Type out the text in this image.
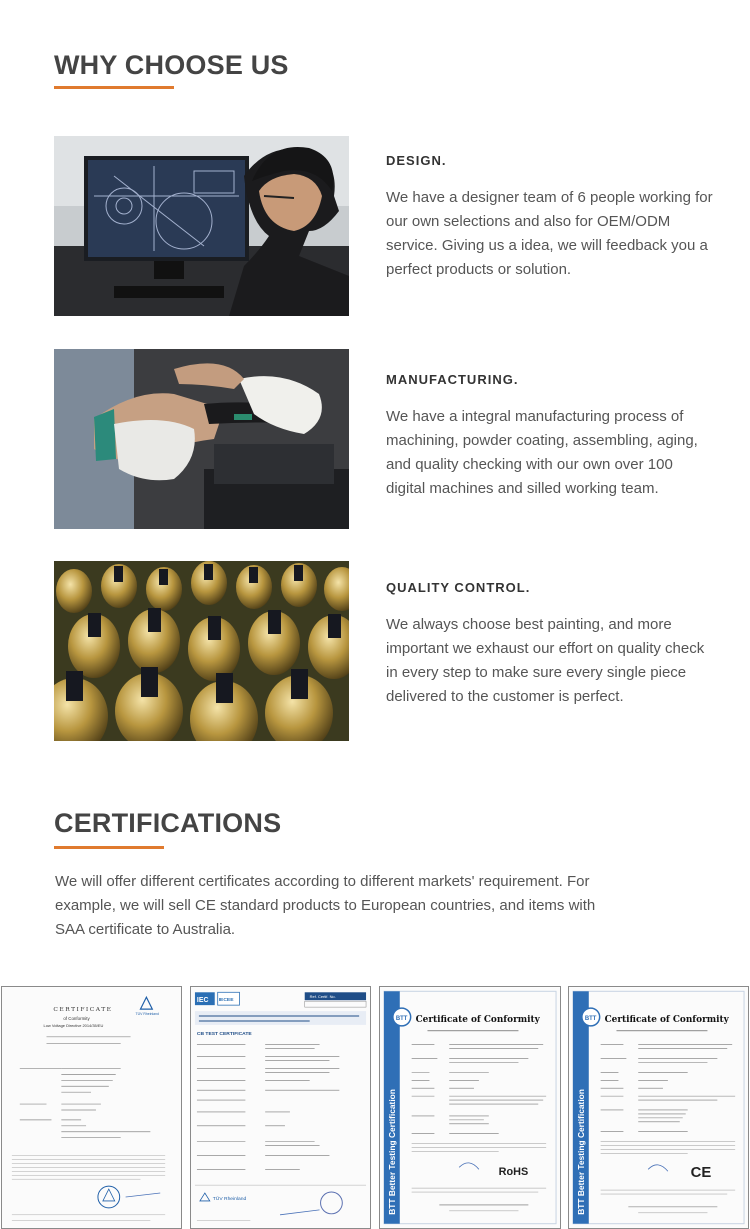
WHY CHOOSE US
DESIGN.

We have a designer team of 6 people working for our own selections and also for OEM/ODM service. Giving us a idea, we will feedback you a perfect products or solution.

MANUFACTURING.

We have a integral manufacturing process of machining, powder coating, assembling, aging, and quality checking with our own over 100 digital machines and silled working team.

QUALITY CONTROL.

We always choose best painting, and more important we exhaust our effort on quality check in every step to make sure every single piece delivered to the customer is perfect.

CERTIFICATIONS

We will offer different certificates according to different markets' requirement. For example, we will sell CE standard products to European countries, and items with SAA certificate to Australia.

CERTIFICATE
TÜV Rheinland
of Conformity
Low Voltage Directive 2014/35/EU
IEC IECEE
Ref. Certif. No.
CB TEST CERTIFICATE
TÜV Rheinland	BTT Better Testing Certification
BTT Certificate of Conformity
RoHS	BTT Better Testing Certification
BTT Certificate of Conformity
CE
